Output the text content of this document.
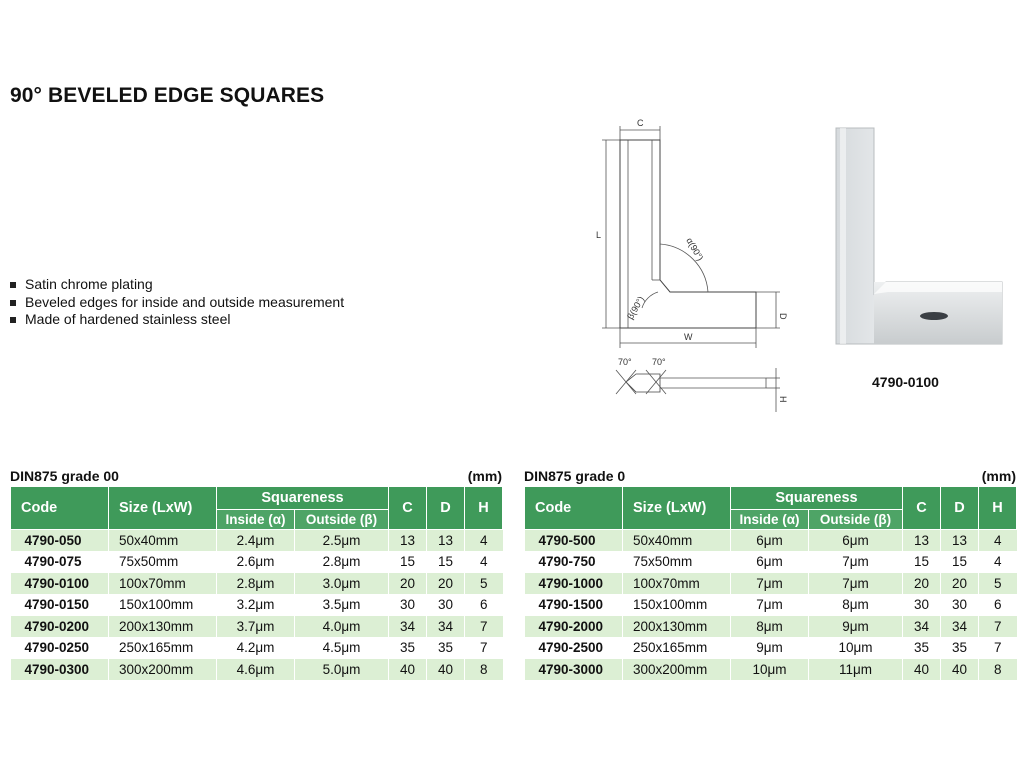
90° BEVELED EDGE SQUARES
Satin chrome plating
Beveled edges for inside and outside measurement
Made of hardened stainless steel
C
L
D
W
H
α(90°)
β(90°)
70° 70°
4790-0100
DIN875 grade 00	(mm)
Code	Size (LxW)	Squareness		C	D	H
		Inside (α)	Outside (β)			
4790-050	50x40mm	2.4μm	2.5μm	13	13	4
4790-075	75x50mm	2.6μm	2.8μm	15	15	4
4790-0100	100x70mm	2.8μm	3.0μm	20	20	5
4790-0150	150x100mm	3.2μm	3.5μm	30	30	6
4790-0200	200x130mm	3.7μm	4.0μm	34	34	7
4790-0250	250x165mm	4.2μm	4.5μm	35	35	7
4790-0300	300x200mm	4.6μm	5.0μm	40	40	8
DIN875 grade 0	(mm)
Code	Size (LxW)	Squareness		C	D	H
		Inside (α)	Outside (β)			
4790-500	50x40mm	6μm	6μm	13	13	4
4790-750	75x50mm	6μm	7μm	15	15	4
4790-1000	100x70mm	7μm	7μm	20	20	5
4790-1500	150x100mm	7μm	8μm	30	30	6
4790-2000	200x130mm	8μm	9μm	34	34	7
4790-2500	250x165mm	9μm	10μm	35	35	7
4790-3000	300x200mm	10μm	11μm	40	40	8
